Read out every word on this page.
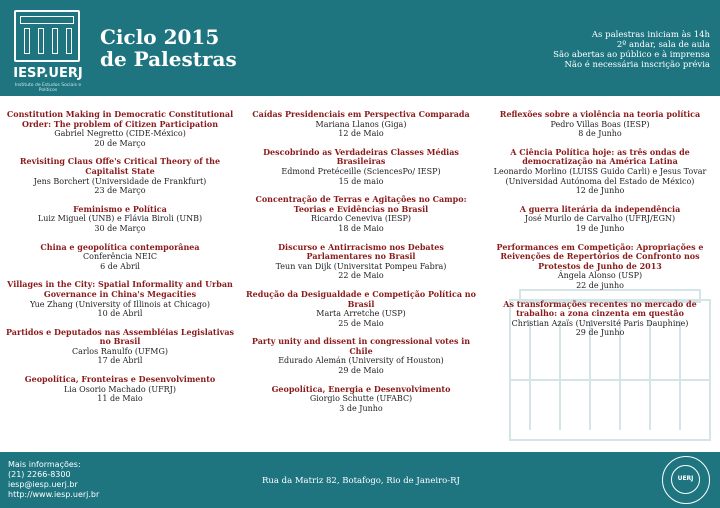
IESP.UERJ
Instituto de Estudos Sociais e Políticos
Ciclo 2015
de Palestras
As palestras iniciam às 14h
2º andar, sala de aula
São abertas ao público e à imprensa
Não é necessária inscrição prévia
Constitution Making in Democratic Constitutional Order: The problem of Citizen Participation
Gabriel Negretto (CIDE-México)
20 de Março
Revisiting Claus Offe's Critical Theory of the Capitalist State
Jens Borchert (Universidade de Frankfurt)
23 de Março
Feminismo e Política
Luiz Miguel (UNB) e Flávia Biroli (UNB)
30 de Março
China e geopolítica contemporânea
Conferência NEIC
6 de Abril
Villages in the City: Spatial Informality and Urban Governance in China's Megacities
Yue Zhang (University of Illinois at Chicago)
10 de Abril
Partidos e Deputados nas Assembléias Legislativas no Brasil
Carlos Ranulfo (UFMG)
17 de Abril
Geopolítica, Fronteiras e Desenvolvimento
Lia Osorio Machado (UFRJ)
11 de Maio
Caídas Presidenciais em Perspectiva Comparada
Mariana Llanos (Giga)
12 de Maio
Descobrindo as Verdadeiras Classes Médias Brasileiras
Edmond Pretéceille (SciencesPo/ IESP)
15 de maio
Concentração de Terras e Agitações no Campo: Teorias e Evidências no Brasil
Ricardo Ceneviva (IESP)
18 de Maio
Discurso e Antirracismo nos Debates Parlamentares no Brasil
Teun van Dijk (Universitat Pompeu Fabra)
22 de Maio
Redução da Desigualdade e Competição Política no Brasil
Marta Arretche (USP)
25 de Maio
Party unity and dissent in congressional votes in Chile
Edurado Alemán (University of Houston)
29 de Maio
Geopolítica, Energia e Desenvolvimento
Giorgio Schutte (UFABC)
3 de Junho
Reflexões sobre a violência na teoria política
Pedro Villas Boas (IESP)
8 de Junho
A Ciência Política hoje: as três ondas de democratização na América Latina
Leonardo Morlino (LUISS Guido Carli) e Jesus Tovar (Universidad Autónoma del Estado de México)
12 de Junho
A guerra literária da independência
José Murilo de Carvalho (UFRJ/EGN)
19 de Junho
Performances em Competição: Apropriações e Reivenções de Repertórios de Confronto nos Protestos de Junho de 2013
Ângela Alonso (USP)
22 de junho
As transformações recentes no mercado de trabalho: a zona cinzenta em questão
Christian Azaïs (Université Paris Dauphine)
29 de Junho
Mais informações:
(21) 2266-8300
iesp@iesp.uerj.br
http://www.iesp.uerj.br
Rua da Matriz 82, Botafogo, Rio de Janeiro-RJ	UERJ
